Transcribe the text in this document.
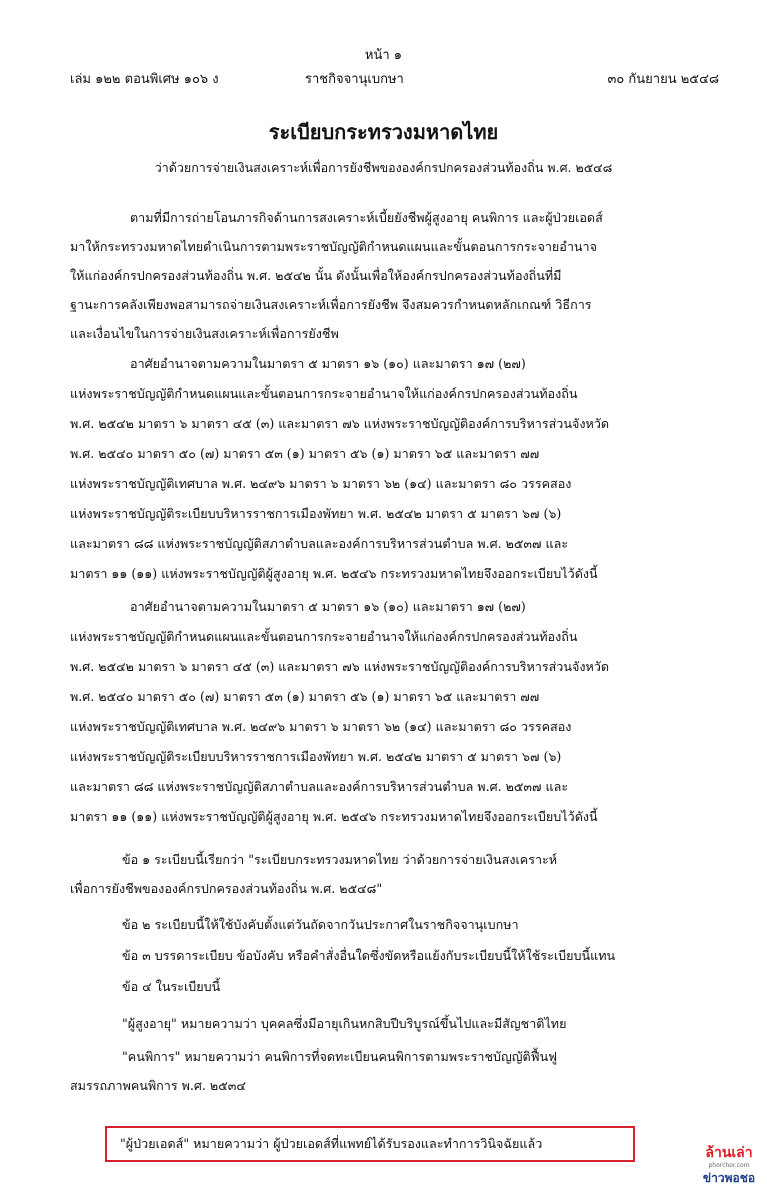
หน้า ๑
เล่ม ๑๒๒ ตอนพิเศษ ๑๐๖ ง	ราชกิจจานุเบกษา	๓๐ กันยายน ๒๕๔๘
ระเบียบกระทรวงมหาดไทย
ว่าด้วยการจ่ายเงินสงเคราะห์เพื่อการยังชีพขององค์กรปกครองส่วนท้องถิ่น พ.ศ. ๒๕๔๘
ตามที่มีการถ่ายโอนภารกิจด้านการสงเคราะห์เบี้ยยังชีพผู้สูงอายุ คนพิการ และผู้ป่วยเอดส์
มาให้กระทรวงมหาดไทยดำเนินการตามพระราชบัญญัติกำหนดแผนและขั้นตอนการกระจายอำนาจ
ให้แก่องค์กรปกครองส่วนท้องถิ่น พ.ศ. ๒๕๔๒ นั้น ดังนั้นเพื่อให้องค์กรปกครองส่วนท้องถิ่นที่มี
ฐานะการคลังเพียงพอสามารถจ่ายเงินสงเคราะห์เพื่อการยังชีพ จึงสมควรกำหนดหลักเกณฑ์ วิธีการ
และเงื่อนไขในการจ่ายเงินสงเคราะห์เพื่อการยังชีพ
อาศัยอำนาจตามความในมาตรา ๕ มาตรา ๑๖ (๑๐) และมาตรา ๑๗ (๒๗)
แห่งพระราชบัญญัติกำหนดแผนและขั้นตอนการกระจายอำนาจให้แก่องค์กรปกครองส่วนท้องถิ่น
พ.ศ. ๒๕๔๒ มาตรา ๖ มาตรา ๔๕ (๓) และมาตรา ๗๖ แห่งพระราชบัญญัติองค์การบริหารส่วนจังหวัด
พ.ศ. ๒๕๔๐ มาตรา ๕๐ (๗) มาตรา ๕๓ (๑) มาตรา ๕๖ (๑) มาตรา ๖๕ และมาตรา ๗๗
แห่งพระราชบัญญัติเทศบาล พ.ศ. ๒๔๙๖ มาตรา ๖ มาตรา ๖๒ (๑๔) และมาตรา ๘๐ วรรคสอง
แห่งพระราชบัญญัติระเบียบบริหารราชการเมืองพัทยา พ.ศ. ๒๕๔๒ มาตรา ๕ มาตรา ๖๗ (๖)
และมาตรา ๘๘ แห่งพระราชบัญญัติสภาตำบลและองค์การบริหารส่วนตำบล พ.ศ. ๒๕๓๗ และ
มาตรา ๑๑ (๑๑) แห่งพระราชบัญญัติผู้สูงอายุ พ.ศ. ๒๕๔๖ กระทรวงมหาดไทยจึงออกระเบียบไว้ดังนี้
อาศัยอำนาจตามความในมาตรา ๕ มาตรา ๑๖ (๑๐) และมาตรา ๑๗ (๒๗)
แห่งพระราชบัญญัติกำหนดแผนและขั้นตอนการกระจายอำนาจให้แก่องค์กรปกครองส่วนท้องถิ่น
พ.ศ. ๒๕๔๒ มาตรา ๖ มาตรา ๔๕ (๓) และมาตรา ๗๖ แห่งพระราชบัญญัติองค์การบริหารส่วนจังหวัด
พ.ศ. ๒๕๔๐ มาตรา ๕๐ (๗) มาตรา ๕๓ (๑) มาตรา ๕๖ (๑) มาตรา ๖๕ และมาตรา ๗๗
แห่งพระราชบัญญัติเทศบาล พ.ศ. ๒๔๙๖ มาตรา ๖ มาตรา ๖๒ (๑๔) และมาตรา ๘๐ วรรคสอง
แห่งพระราชบัญญัติระเบียบบริหารราชการเมืองพัทยา พ.ศ. ๒๕๔๒ มาตรา ๕ มาตรา ๖๗ (๖)
และมาตรา ๘๘ แห่งพระราชบัญญัติสภาตำบลและองค์การบริหารส่วนตำบล พ.ศ. ๒๕๓๗ และ
มาตรา ๑๑ (๑๑) แห่งพระราชบัญญัติผู้สูงอายุ พ.ศ. ๒๕๔๖ กระทรวงมหาดไทยจึงออกระเบียบไว้ดังนี้
ข้อ ๑ ระเบียบนี้เรียกว่า "ระเบียบกระทรวงมหาดไทย ว่าด้วยการจ่ายเงินสงเคราะห์
เพื่อการยังชีพขององค์กรปกครองส่วนท้องถิ่น พ.ศ. ๒๕๔๘"
ข้อ ๒ ระเบียบนี้ให้ใช้บังคับตั้งแต่วันถัดจากวันประกาศในราชกิจจานุเบกษา
ข้อ ๓ บรรดาระเบียบ ข้อบังคับ หรือคำสั่งอื่นใดซึ่งขัดหรือแย้งกับระเบียบนี้ให้ใช้ระเบียบนี้แทน
ข้อ ๔ ในระเบียบนี้
"ผู้สูงอายุ" หมายความว่า บุคคลซึ่งมีอายุเกินหกสิบปีบริบูรณ์ขึ้นไปและมีสัญชาติไทย
"คนพิการ" หมายความว่า คนพิการที่จดทะเบียนคนพิการตามพระราชบัญญัติฟื้นฟู
สมรรถภาพคนพิการ พ.ศ. ๒๕๓๔
"ผู้ป่วยเอดส์" หมายความว่า ผู้ป่วยเอดส์ที่แพทย์ได้รับรองและทำการวินิจฉัยแล้ว
ล้านเล่า
phorchor.com
ข่าวพอชอ
